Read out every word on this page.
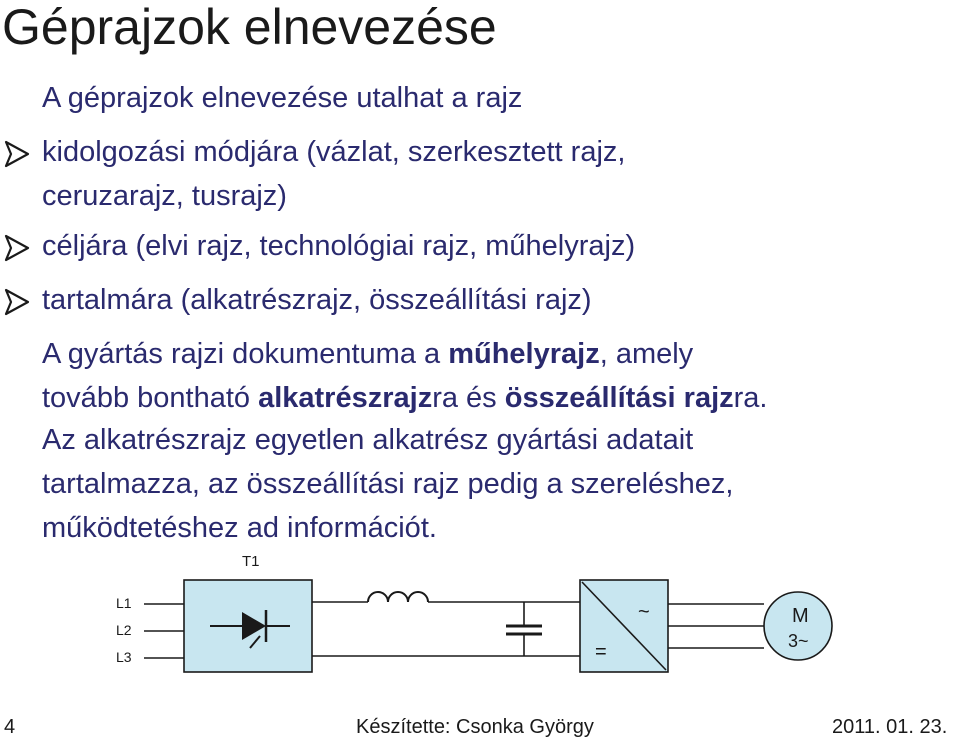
Géprajzok elnevezése
A géprajzok elnevezése utalhat a rajz
kidolgozási módjára (vázlat, szerkesztett rajz,
ceruzarajz, tusrajz)
céljára (elvi rajz, technológiai rajz, műhelyrajz)
tartalmára (alkatrészrajz, összeállítási rajz)
A gyártás rajzi dokumentuma a műhelyrajz, amely
tovább bontható alkatrészrajzra és összeállítási rajzra.
Az alkatrészrajz egyetlen alkatrész gyártási adatait
tartalmazza, az összeállítási rajz pedig a szereléshez,
működtetéshez ad információt.
T1
L1
L2
L3
~
=
M
3~
4	Készítette: Csonka György	2011. 01. 23.
